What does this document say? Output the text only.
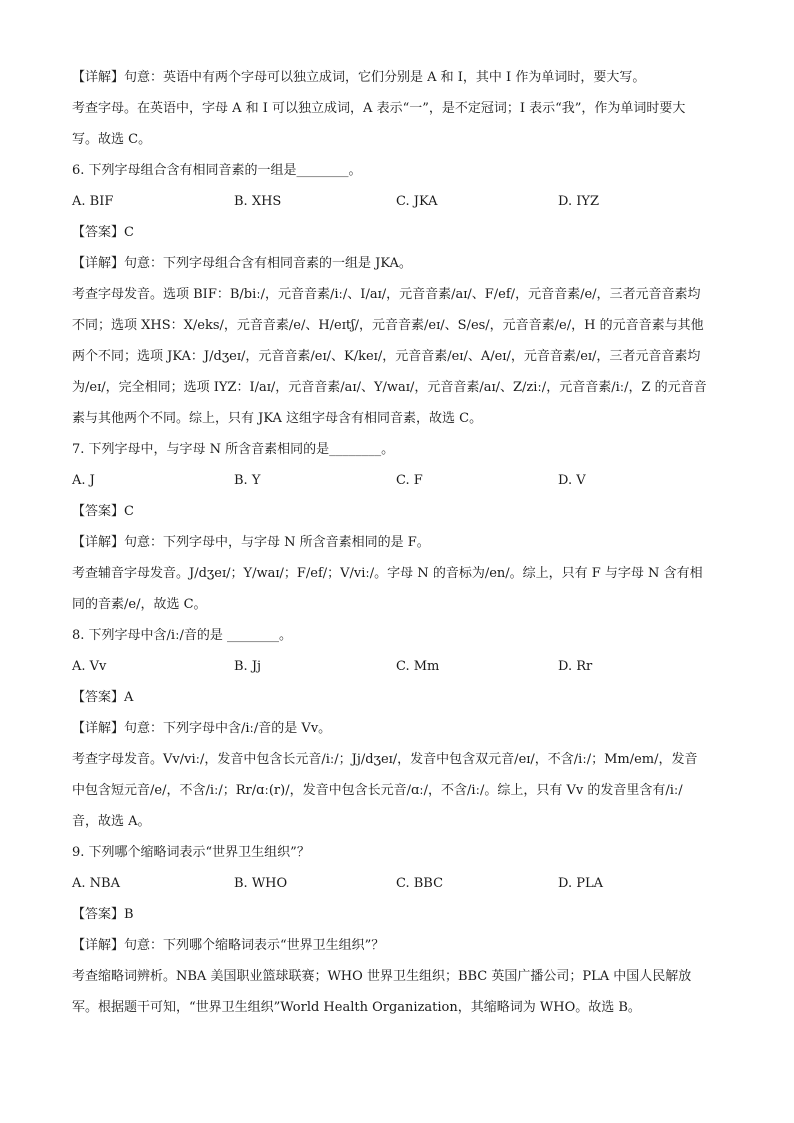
【详解】句意：英语中有两个字母可以独立成词，它们分别是 A 和 I，其中 I 作为单词时，要大写。
考查字母。在英语中，字母 A 和 I 可以独立成词，A 表示“一”，是不定冠词；I 表示“我”，作为单词时要大
写。故选 C。
6. 下列字母组合含有相同音素的一组是________。
A. BIF	B. XHS	C. JKA	D. IYZ
【答案】C
【详解】句意：下列字母组合含有相同音素的一组是 JKA。
考查字母发音。选项 BIF：B/biː/，元音音素/iː/、I/aɪ/，元音音素/aɪ/、F/ef/，元音音素/e/，三者元音音素均
不同；选项 XHS：X/eks/，元音音素/e/、H/eɪtʃ/，元音音素/eɪ/、S/es/，元音音素/e/，H 的元音音素与其他
两个不同；选项 JKA：J/dʒeɪ/，元音音素/eɪ/、K/keɪ/，元音音素/eɪ/、A/eɪ/，元音音素/eɪ/，三者元音音素均
为/eɪ/，完全相同；选项 IYZ：I/aɪ/，元音音素/aɪ/、Y/waɪ/，元音音素/aɪ/、Z/ziː/，元音音素/iː/，Z 的元音音
素与其他两个不同。综上，只有 JKA 这组字母含有相同音素，故选 C。
7. 下列字母中，与字母 N 所含音素相同的是________。
A. J	B. Y	C. F	D. V
【答案】C
【详解】句意：下列字母中，与字母 N 所含音素相同的是 F。
考查辅音字母发音。J/dʒeɪ/；Y/waɪ/；F/ef/；V/viː/。字母 N 的音标为/en/。综上，只有 F 与字母 N 含有相
同的音素/e/，故选 C。
8. 下列字母中含/iː/音的是 ________。
A. Vv	B. Jj	C. Mm	D. Rr
【答案】A
【详解】句意：下列字母中含/iː/音的是 Vv。
考查字母发音。Vv/viː/，发音中包含长元音/iː/；Jj/dʒeɪ/，发音中包含双元音/eɪ/，不含/iː/；Mm/em/，发音
中包含短元音/e/，不含/iː/；Rr/ɑː(r)/，发音中包含长元音/ɑː/，不含/iː/。综上，只有 Vv 的发音里含有/iː/
音，故选 A。
9. 下列哪个缩略词表示“世界卫生组织”？
A. NBA	B. WHO	C. BBC	D. PLA
【答案】B
【详解】句意：下列哪个缩略词表示“世界卫生组织”？
考查缩略词辨析。NBA 美国职业篮球联赛；WHO 世界卫生组织；BBC 英国广播公司；PLA 中国人民解放
军。根据题干可知，“世界卫生组织”World Health Organization，其缩略词为 WHO。故选 B。
